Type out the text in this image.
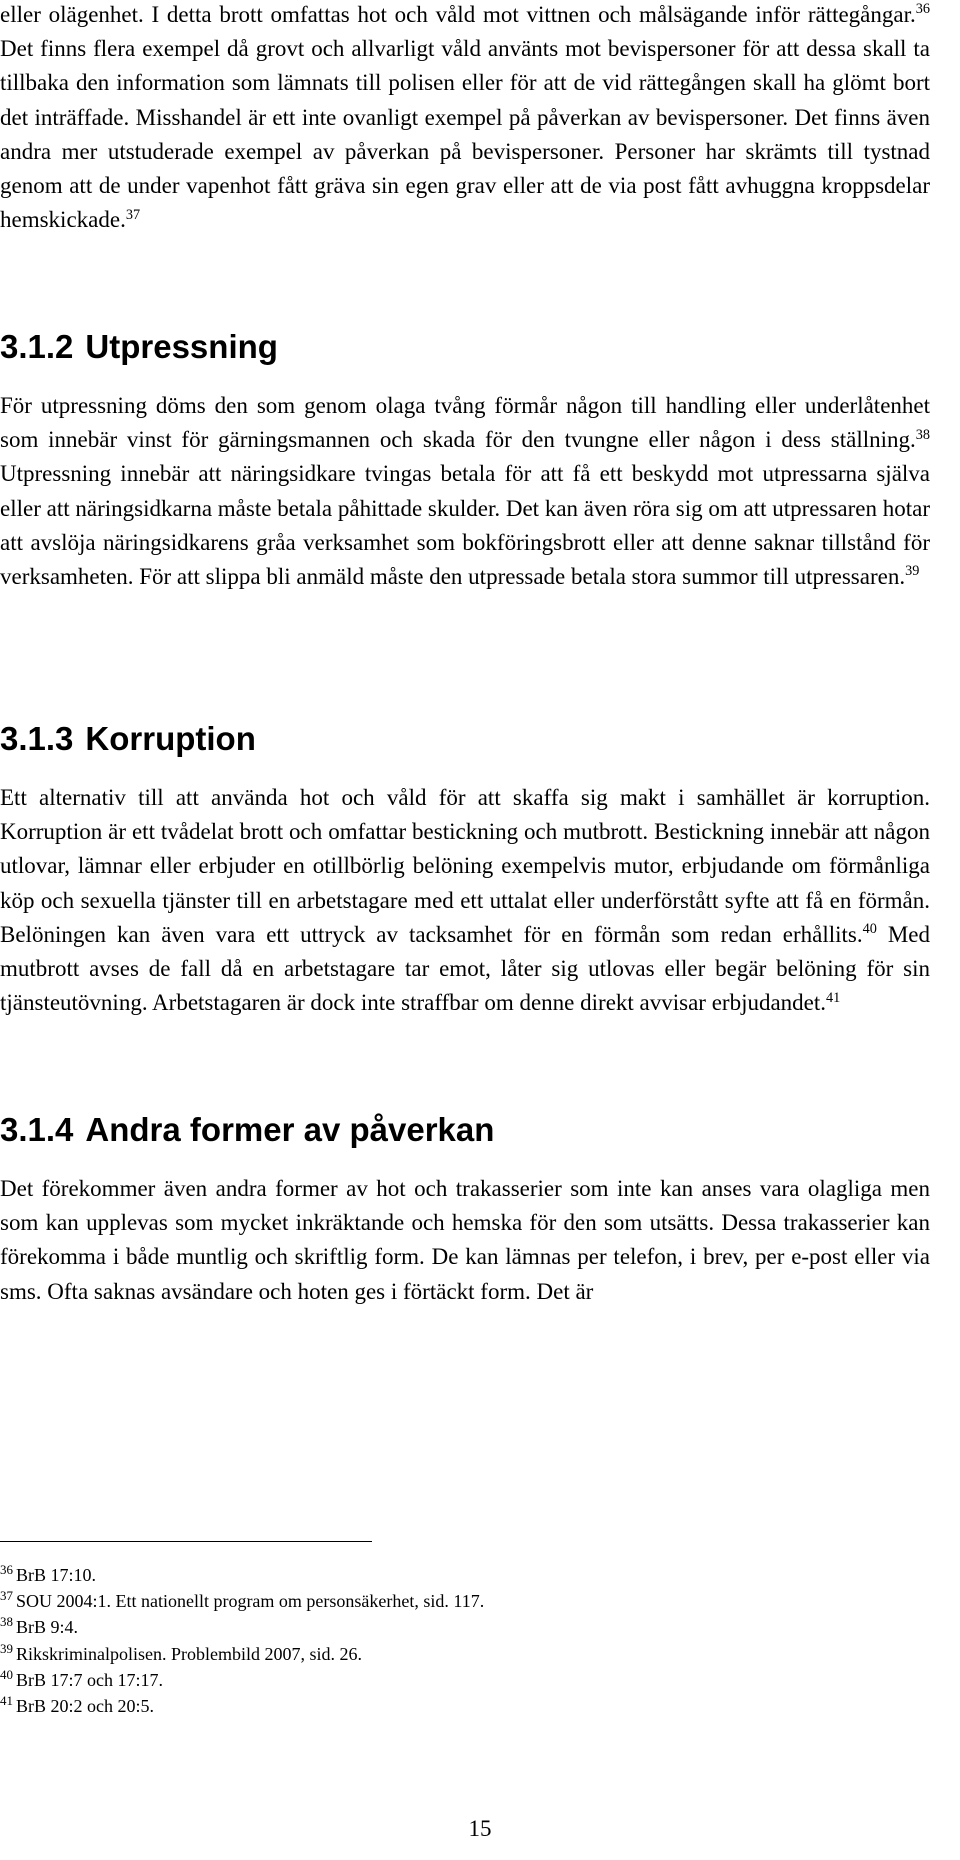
eller olägenhet. I detta brott omfattas hot och våld mot vittnen och målsägande inför rättegångar.$^{36}$ Det finns flera exempel då grovt och allvarligt våld använts mot bevispersoner för att dessa skall ta tillbaka den information som lämnats till polisen eller för att de vid rättegången skall ha glömt bort det inträffade. Misshandel är ett inte ovanligt exempel på påverkan av bevispersoner. Det finns även andra mer utstuderade exempel av påverkan på bevispersoner. Personer har skrämts till tystnad genom att de under vapenhot fått gräva sin egen grav eller att de via post fått avhuggna kroppsdelar hemskickade.$^{37}$

3.1.2 Utpressning

För utpressning döms den som genom olaga tvång förmår någon till handling eller underlåtenhet som innebär vinst för gärningsmannen och skada för den tvungne eller någon i dess ställning.$^{38}$ Utpressning innebär att näringsidkare tvingas betala för att få ett beskydd mot utpressarna själva eller att näringsidkarna måste betala påhittade skulder. Det kan även röra sig om att utpressaren hotar att avslöja näringsidkarens gråa verksamhet som bokföringsbrott eller att denne saknar tillstånd för verksamheten. För att slippa bli anmäld måste den utpressade betala stora summor till utpressaren.$^{39}$

3.1.3 Korruption

Ett alternativ till att använda hot och våld för att skaffa sig makt i samhället är korruption. Korruption är ett tvådelat brott och omfattar bestickning och mutbrott. Bestickning innebär att någon utlovar, lämnar eller erbjuder en otillbörlig belöning exempelvis mutor, erbjudande om förmånliga köp och sexuella tjänster till en arbetstagare med ett uttalat eller underförstått syfte att få en förmån. Belöningen kan även vara ett uttryck av tacksamhet för en förmån som redan erhållits.$^{40}$ Med mutbrott avses de fall då en arbetstagare tar emot, låter sig utlovas eller begär belöning för sin tjänsteutövning. Arbetstagaren är dock inte straffbar om denne direkt avvisar erbjudandet.$^{41}$

3.1.4 Andra former av påverkan

Det förekommer även andra former av hot och trakasserier som inte kan anses vara olagliga men som kan upplevas som mycket inkräktande och hemska för den som utsätts. Dessa trakasserier kan förekomma i både muntlig och skriftlig form. De kan lämnas per telefon, i brev, per e-post eller via sms. Ofta saknas avsändare och hoten ges i förtäckt form. Det är

$^{36}$ BrB 17:10.

$^{37}$ SOU 2004:1. Ett nationellt program om personsäkerhet, sid. 117.

$^{38}$ BrB 9:4.

$^{39}$ Rikskriminalpolisen. Problembild 2007, sid. 26.

$^{40}$ BrB 17:7 och 17:17.

$^{41}$ BrB 20:2 och 20:5.

15
